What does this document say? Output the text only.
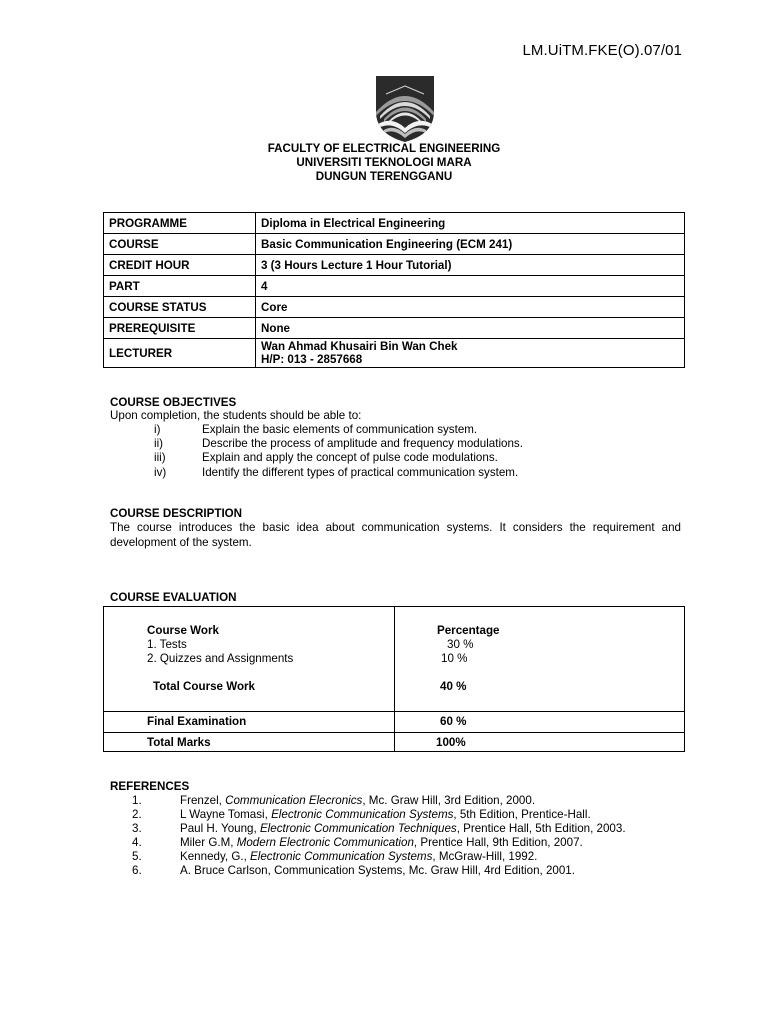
LM.UiTM.FKE(O).07/01
FACULTY OF ELECTRICAL ENGINEERING
UNIVERSITI TEKNOLOGI MARA
DUNGUN TERENGGANU
PROGRAMME	Diploma in Electrical Engineering
COURSE	Basic Communication Engineering (ECM 241)
CREDIT HOUR	3 (3 Hours Lecture 1 Hour Tutorial)
PART	4
COURSE STATUS	Core
PREREQUISITE	None
LECTURER	Wan Ahmad Khusairi Bin Wan Chek
H/P: 013 - 2857668
COURSE OBJECTIVES
Upon completion, the students should be able to:
i)	Explain the basic elements of communication system.
ii)	Describe the process of amplitude and frequency modulations.
iii)	Explain and apply the concept of pulse code modulations.
iv)	Identify the different types of practical communication system.
COURSE DESCRIPTION
The course introduces the basic idea about communication systems. It considers the requirement and development of the system.
COURSE EVALUATION
Course Work	Percentage
1. Tests	30 %
2. Quizzes and Assignments	10 %
Total Course Work	40 %
Final Examination	60 %
Total Marks	100%
REFERENCES
1.	Frenzel, Communication Elecronics, Mc. Graw Hill, 3rd Edition, 2000.
2.	L Wayne Tomasi, Electronic Communication Systems, 5th Edition, Prentice-Hall.
3.	Paul H. Young, Electronic Communication Techniques, Prentice Hall, 5th Edition, 2003.
4.	Miler G.M, Modern Electronic Communication, Prentice Hall, 9th Edition, 2007.
5.	Kennedy, G., Electronic Communication Systems, McGraw-Hill, 1992.
6.	A. Bruce Carlson, Communication Systems, Mc. Graw Hill, 4rd Edition, 2001.
